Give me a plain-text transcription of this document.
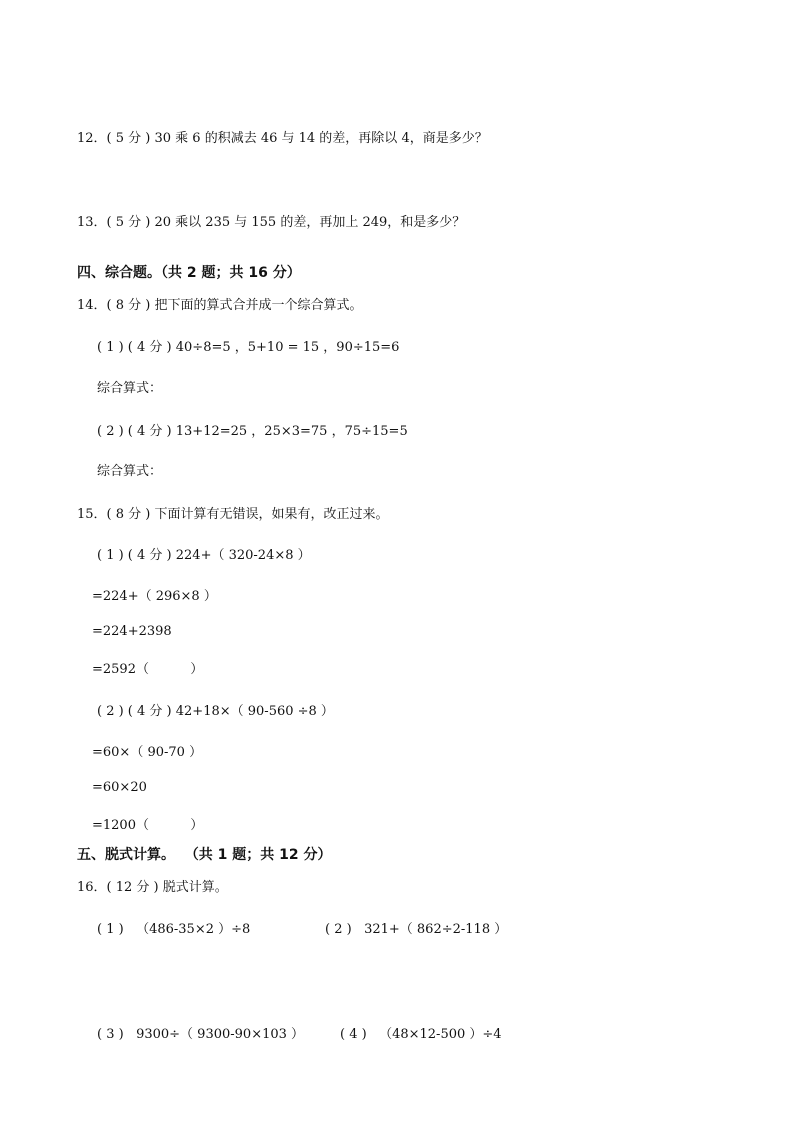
12．( 5 分 ) 30 乘 6 的积减去 46 与 14 的差，再除以 4，商是多少？
13．( 5 分 ) 20 乘以 235 与 155 的差，再加上 249，和是多少？
四、综合题。（共 2 题；共 16 分）
14．( 8 分 ) 把下面的算式合并成一个综合算式。
( 1 ) ( 4 分 ) 40÷8=5 ，5+10 = 15 ，90÷15=6
综合算式：
( 2 ) ( 4 分 ) 13+12=25 ，25×3=75 ，75÷15=5
综合算式：
15．( 8 分 ) 下面计算有无错误，如果有，改正过来。
( 1 ) ( 4 分 ) 224+（ 320-24×8 ）
=224+（ 296×8 ）
=224+2398
=2592（          ）
( 2 ) ( 4 分 ) 42+18×（ 90-560 ÷8 ）
=60×（ 90-70 ）
=60×20
=1200（          ）
五、脱式计算。  （共 1 题；共 12 分）
16．( 12 分 ) 脱式计算。
( 1 )   （486-35×2 ）÷8	( 2 )   321+（ 862÷2-118 ）
( 3 )   9300÷（ 9300-90×103 ）	( 4 )   （48×12-500 ）÷4
